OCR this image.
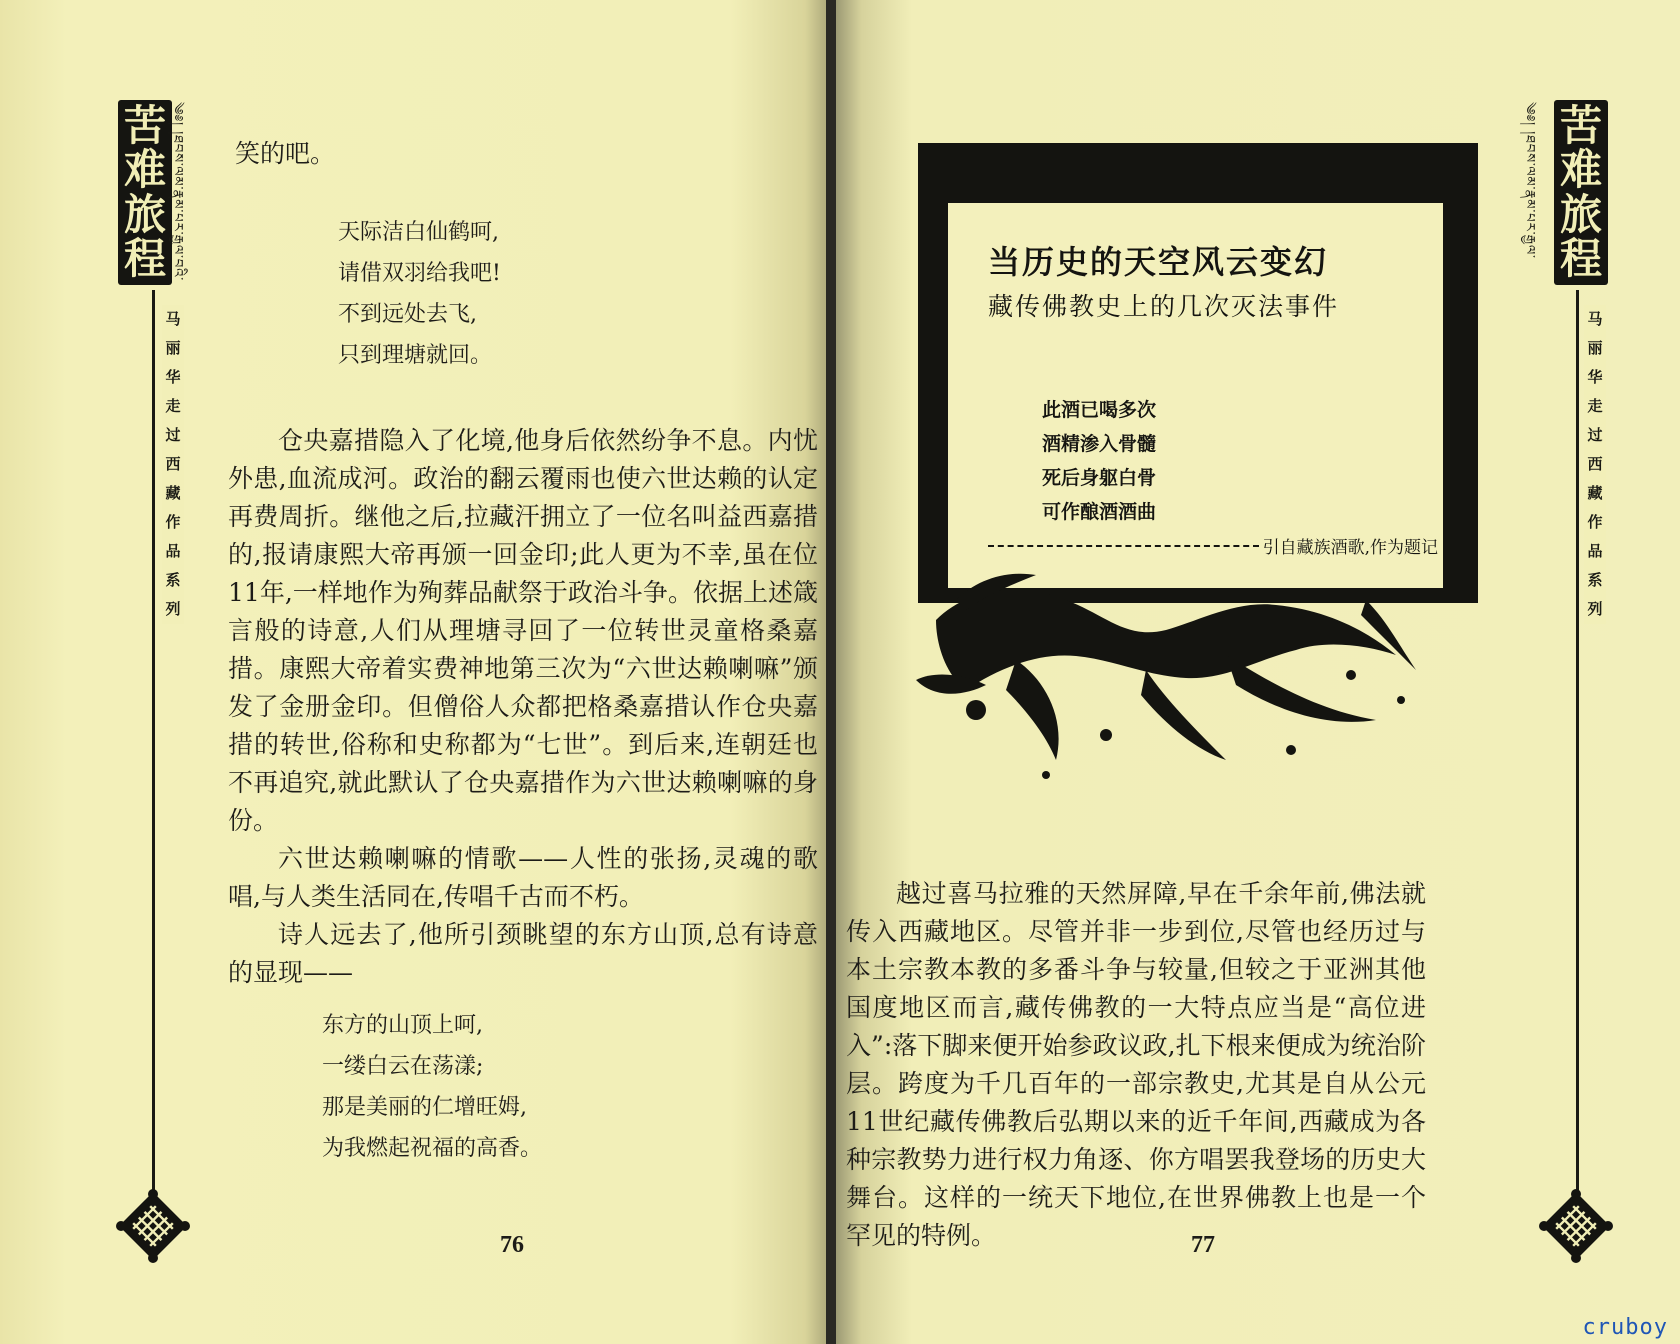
苦
难
旅
程 ༄༅། །ཐབས་ལམ་རྣམ་པར་རྒྱལ་བའི་
马
丽
华
走
过
西
藏
作
品
系
列

笑的吧。

天际洁白仙鹤呵,
请借双羽给我吧!
不到远处去飞,
只到理塘就回。

仓央嘉措隐入了化境,他身后依然纷争不息。内忧外患,血流成河。政治的翻云覆雨也使六世达赖的认定再费周折。继他之后,拉藏汗拥立了一位名叫益西嘉措的,报请康熙大帝再颁一回金印;此人更为不幸,虽在位11年,一样地作为殉葬品献祭于政治斗争。依据上述箴言般的诗意,人们从理塘寻回了一位转世灵童格桑嘉措。康熙大帝着实费神地第三次为“六世达赖喇嘛”颁发了金册金印。但僧俗人众都把格桑嘉措认作仓央嘉措的转世,俗称和史称都为“七世”。到后来,连朝廷也不再追究,就此默认了仓央嘉措作为六世达赖喇嘛的身份。

六世达赖喇嘛的情歌——人性的张扬,灵魂的歌唱,与人类生活同在,传唱千古而不朽。

诗人远去了,他所引颈眺望的东方山顶,总有诗意的显现——

东方的山顶上呵,
一缕白云在荡漾;
那是美丽的仁增旺姆,
为我燃起祝福的高香。
76
当历史的天空风云变幻
藏传佛教史上的几次灭法事件
此酒已喝多次
酒精渗入骨髓
死后身躯白骨
可作酿酒酒曲
引自藏族酒歌,作为题记

越过喜马拉雅的天然屏障,早在千余年前,佛法就传入西藏地区。尽管并非一步到位,尽管也经历过与本土宗教本教的多番斗争与较量,但较之于亚洲其他国度地区而言,藏传佛教的一大特点应当是“高位进入”:落下脚来便开始参政议政,扎下根来便成为统治阶层。跨度为千几百年的一部宗教史,尤其是自从公元11世纪藏传佛教后弘期以来的近千年间,西藏成为各种宗教势力进行权力角逐、你方唱罢我登场的历史大舞台。这样的一统天下地位,在世界佛教上也是一个罕见的特例。	77
苦
难
旅
程
༄༅། །ཐབས་ལམ་རྣམ་པར་རྒྱལ་
马
丽
华
走
过
西
藏
作
品
系
列
cruboy
